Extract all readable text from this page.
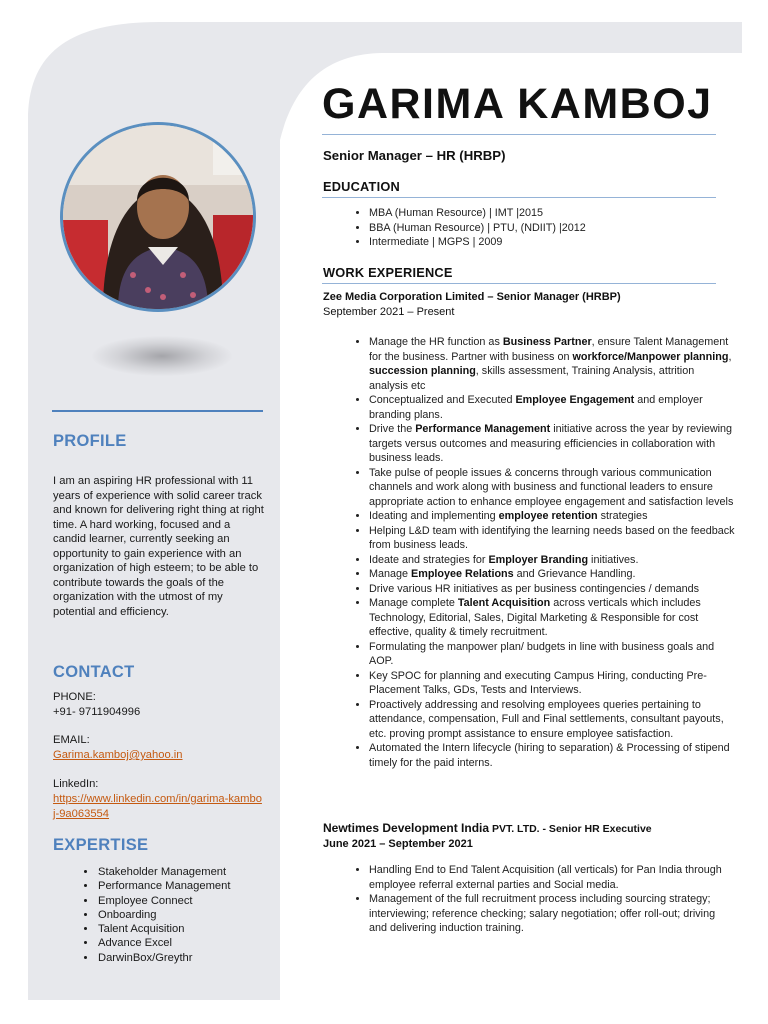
PROFILE
I am an aspiring HR professional with 11 years of experience with solid career track and known for delivering right thing at right time. A hard working, focused and a candid learner, currently seeking an opportunity to gain experience with an organization of high esteem; to be able to contribute towards the goals of the organization with the utmost of my potential and efficiency.
CONTACT
PHONE:
+91- 9711904996
EMAIL:
Garima.kamboj@yahoo.in
LinkedIn:
https://www.linkedin.com/in/garima-kamboj-9a063554
EXPERTISE
• Stakeholder Management
• Performance Management
• Employee Connect
• Onboarding
• Talent Acquisition
• Advance Excel
• DarwinBox/Greythr
GARIMA KAMBOJ
Senior Manager – HR (HRBP)
EDUCATION
• MBA (Human Resource) | IMT |2015
• BBA (Human Resource) | PTU, (NDIIT) |2012
• Intermediate | MGPS | 2009
WORK EXPERIENCE
Zee Media Corporation Limited – Senior Manager (HRBP)
September 2021 – Present
• Manage the HR function as Business Partner, ensure Talent Management for the business. Partner with business on workforce/Manpower planning, succession planning, skills assessment, Training Analysis, attrition analysis etc
• Conceptualized and Executed Employee Engagement and employer branding plans.
• Drive the Performance Management initiative across the year by reviewing targets versus outcomes and measuring efficiencies in collaboration with business leads.
• Take pulse of people issues & concerns through various communication channels and work along with business and functional leaders to ensure appropriate action to enhance employee engagement and satisfaction levels
• Ideating and implementing employee retention strategies
• Helping L&D team with identifying the learning needs based on the feedback from business leads.
• Ideate and strategies for Employer Branding initiatives.
• Manage Employee Relations and Grievance Handling.
• Drive various HR initiatives as per business contingencies / demands
• Manage complete Talent Acquisition across verticals which includes Technology, Editorial, Sales, Digital Marketing & Responsible for cost effective, quality & timely recruitment.
• Formulating the manpower plan/ budgets in line with business goals and AOP.
• Key SPOC for planning and executing Campus Hiring, conducting Pre-Placement Talks, GDs, Tests and Interviews.
• Proactively addressing and resolving employees queries pertaining to attendance, compensation, Full and Final settlements, consultant payouts, etc. proving prompt assistance to ensure employee satisfaction.
• Automated the Intern lifecycle (hiring to separation) & Processing of stipend timely for the paid interns.
Newtimes Development India PVT. LTD. - Senior HR Executive
June 2021 – September 2021
• Handling End to End Talent Acquisition (all verticals) for Pan India through employee referral external parties and Social media.
• Management of the full recruitment process including sourcing strategy; interviewing; reference checking; salary negotiation; offer roll-out; driving and delivering induction training.
